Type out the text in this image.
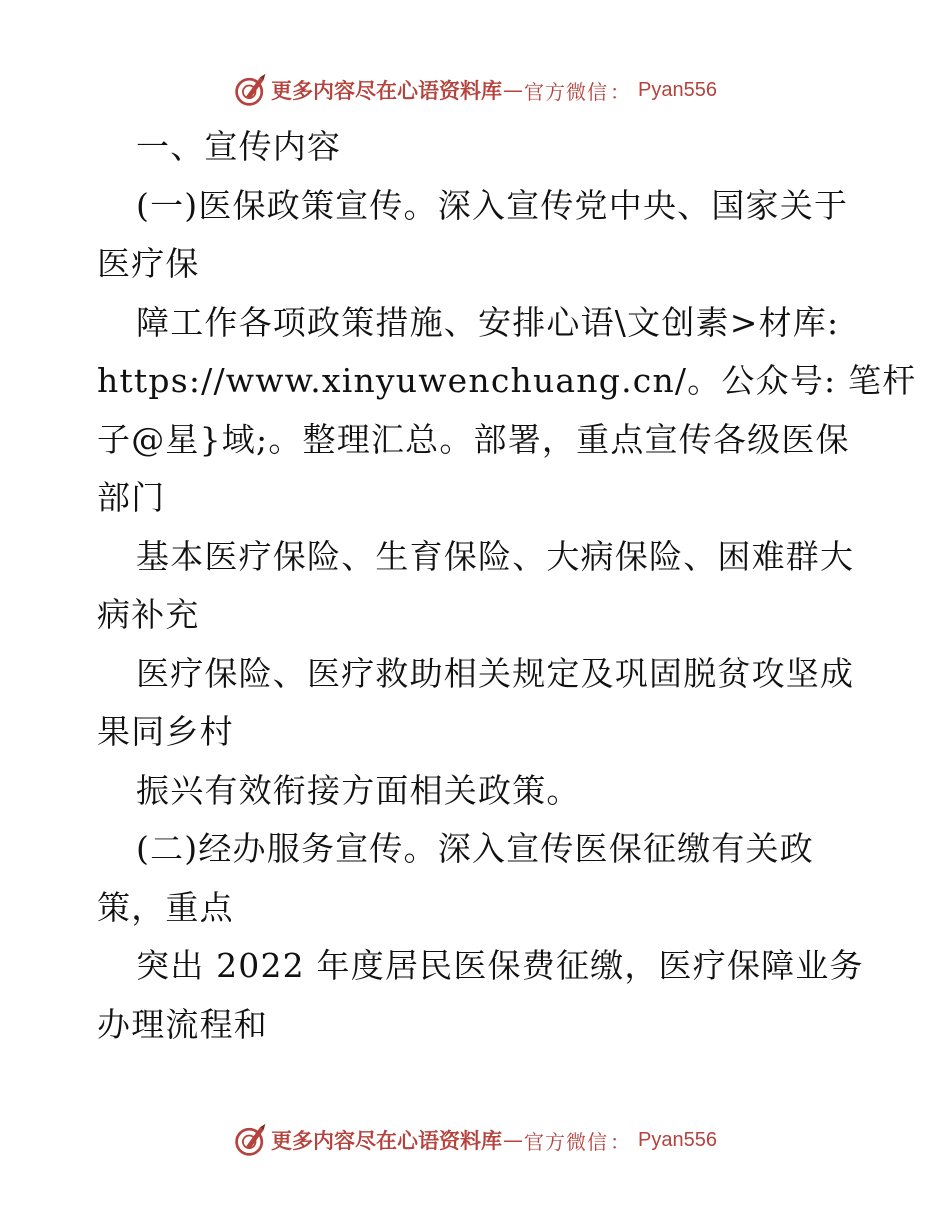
更多内容尽在心语资料库 — 官方微信 ： Pyan556
一、宣传内容
(一)医保政策宣传。深入宣传党中央、国家关于
医疗保
障工作各项政策措施、安排心语\文创素>材库:
https://www.xinyuwenchuang.cn/。公众号: 笔杆
子@星}域;。整理汇总。部署，重点宣传各级医保
部门
基本医疗保险、生育保险、大病保险、困难群大
病补充
医疗保险、医疗救助相关规定及巩固脱贫攻坚成
果同乡村
振兴有效衔接方面相关政策。
(二)经办服务宣传。深入宣传医保征缴有关政
策，重点
突出 2022 年度居民医保费征缴，医疗保障业务
办理流程和
更多内容尽在心语资料库 — 官方微信 ： Pyan556
